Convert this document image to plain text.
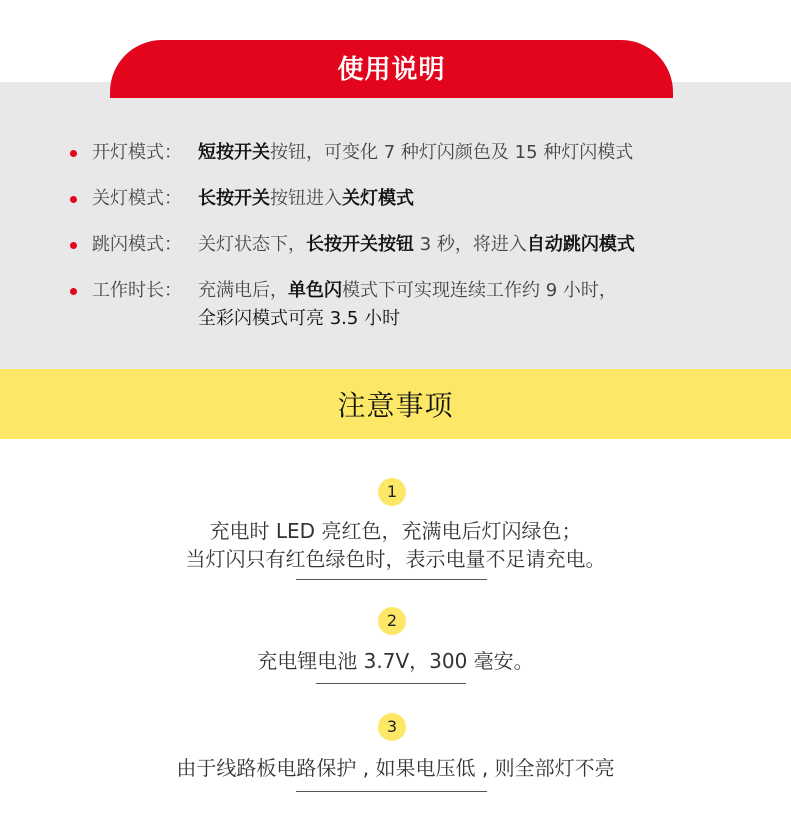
使用说明
开灯模式： 短按开关按钮，可变化 7 种灯闪颜色及 15 种灯闪模式
关灯模式： 长按开关按钮进入关灯模式
跳闪模式： 关灯状态下，长按开关按钮 3 秒，将进入自动跳闪模式
工作时长： 充满电后，单色闪模式下可实现连续工作约 9 小时，
全彩闪模式可亮 3.5 小时
注意事项
1
充电时 LED 亮红色，充满电后灯闪绿色；
当灯闪只有红色绿色时，表示电量不足请充电。
2
充电锂电池 3.7V，300 毫安。
3
由于线路板电路保护 , 如果电压低 , 则全部灯不亮
